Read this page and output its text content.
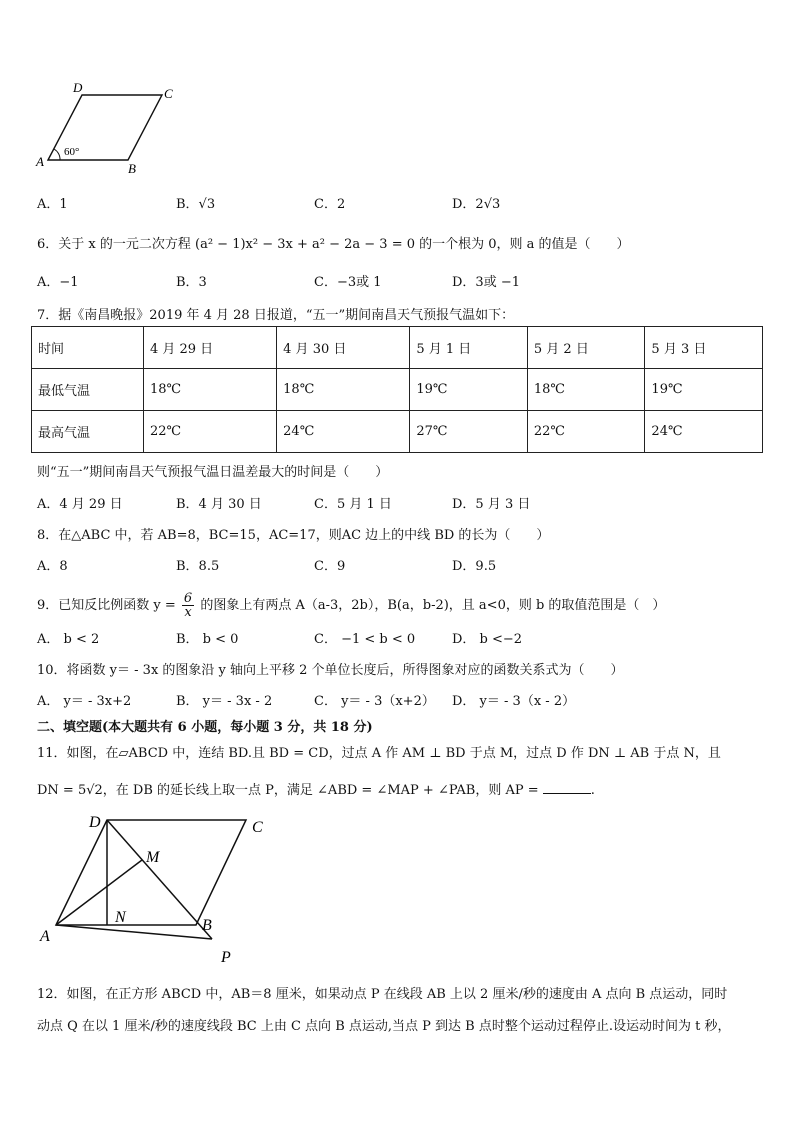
A	B
C
D
60°
A．1	B．√3	C．2	D．2√3
6．关于 x 的一元二次方程 (a² − 1)x² − 3x + a² − 2a − 3 = 0 的一个根为 0，则 a 的值是（　　）
A．−1	B．3	C．−3或 1	D．3或 −1
7．据《南昌晚报》2019 年 4 月 28 日报道，“五一”期间南昌天气预报气温如下：
时间	4 月 29 日	4 月 30 日	5 月 1 日	5 月 2 日	5 月 3 日
最低气温	18℃	18℃	19℃	18℃	19℃
最高气温	22℃	24℃	27℃	22℃	24℃
则“五一”期间南昌天气预报气温日温差最大的时间是（　　）
A．4 月 29 日	B．4 月 30 日	C．5 月 1 日	D．5 月 3 日
8．在△ABC 中，若 AB=8，BC=15，AC=17，则AC 边上的中线 BD 的长为（　　）
A．8	B．8.5	C．9	D．9.5
9．已知反比例函数 $y = \frac{6}{x}$ 的图象上有两点 A（a-3，2b），B(a，b-2)，且 a<0，则 b 的取值范围是（　）
A． b < 2	B． b < 0	C． −1 < b < 0	D． b <−2
10．将函数 y＝ - 3x 的图象沿 y 轴向上平移 2 个单位长度后，所得图象对应的函数关系式为（　　）
A． y＝ - 3x+2	B． y＝ - 3x - 2	C． y＝ - 3（x+2） D． y＝ - 3（x - 2）
二、填空题(本大题共有 6 小题，每小题 3 分，共 18 分)
11．如图，在▱ABCD 中，连结 BD.且 BD = CD，过点 A 作 AM ⊥ BD 于点 M，过点 D 作 DN ⊥ AB 于点 N，且
DN = 5√2，在 DB 的延长线上取一点 P，满足 ∠ABD = ∠MAP + ∠PAB，则 AP =	.
D	C
M
N
A
B
P
12．如图，在正方形 ABCD 中，AB＝8 厘米，如果动点 P 在线段 AB 上以 2 厘米/秒的速度由 A 点向 B 点运动，同时
动点 Q 在以 1 厘米/秒的速度线段 BC 上由 C 点向 B 点运动,当点 P 到达 B 点时整个运动过程停止.设运动时间为 t 秒，
